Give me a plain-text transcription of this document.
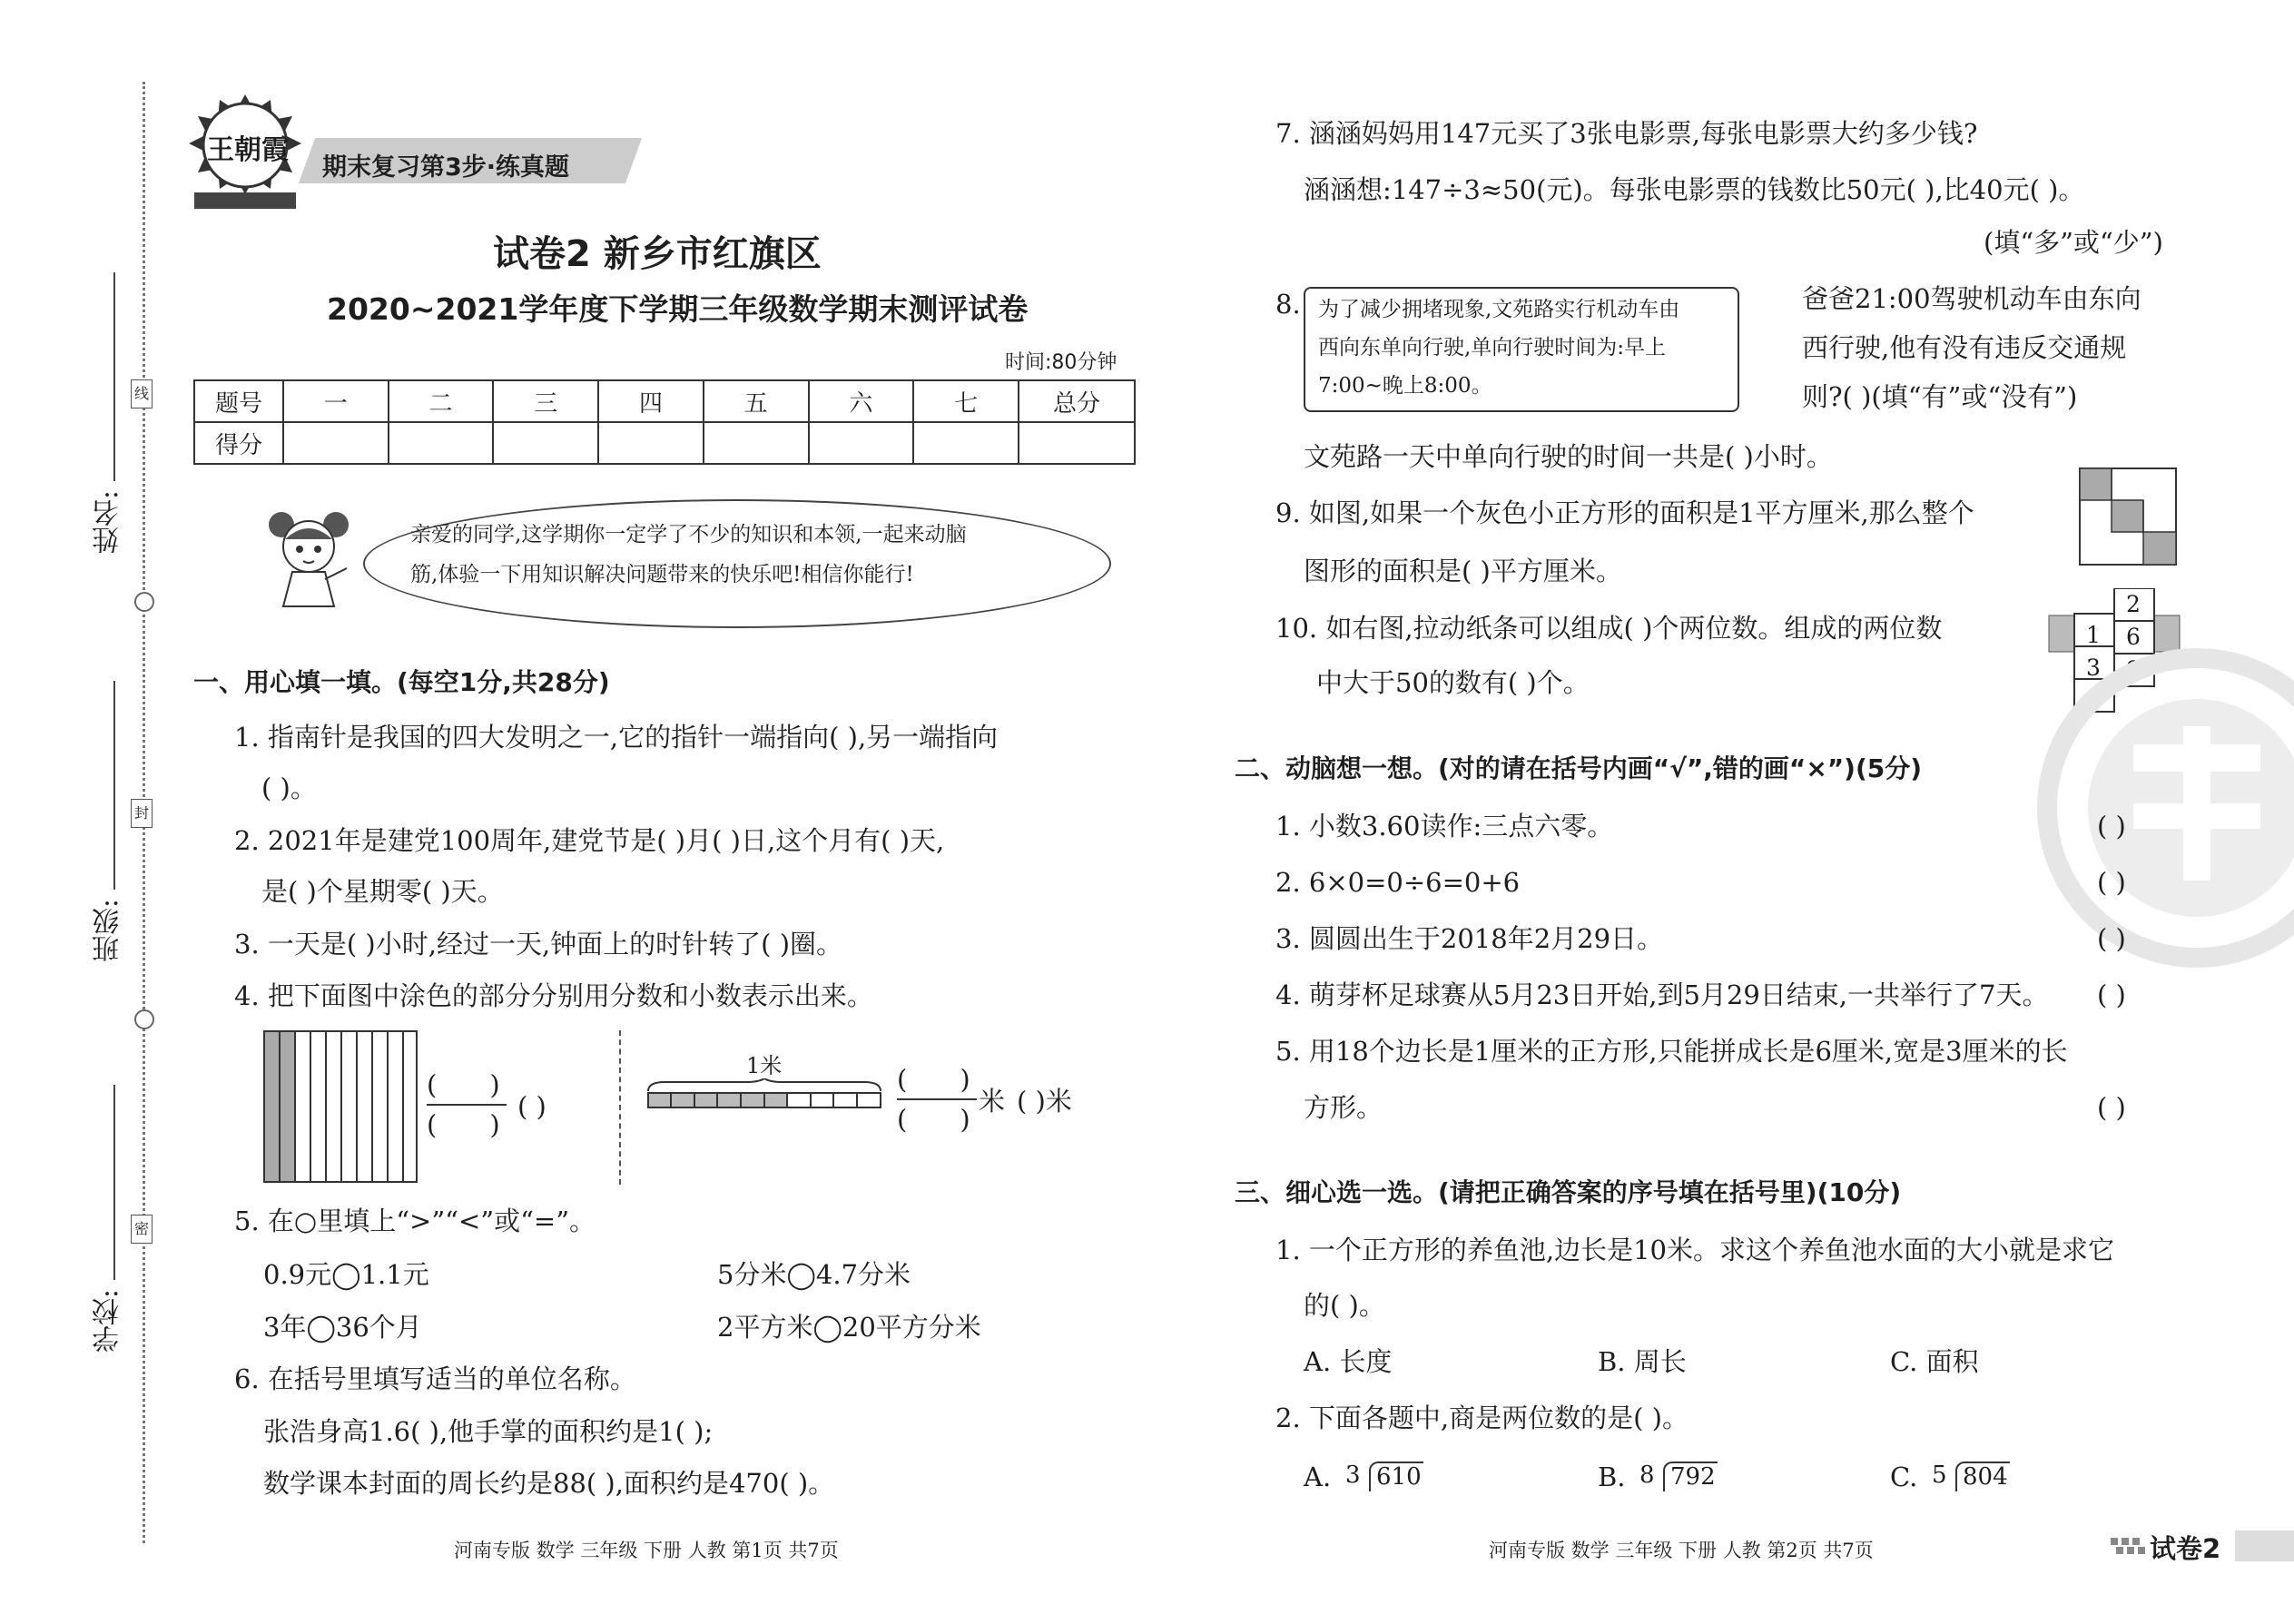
线
封
密
姓名:
班级:
学校:
王朝霞
期末复习第3步·练真题
试卷2 新乡市红旗区
2020~2021学年度下学期三年级数学期末测评试卷
时间:80分钟
题号	一	二	三	四	五	六	七	总分
得分								
亲爱的同学,这学期你一定学了不少的知识和本领,一起来动脑
筋,体验一下用知识解决问题带来的快乐吧!相信你能行!
一、用心填一填。(每空1分,共28分)
1. 指南针是我国的四大发明之一,它的指针一端指向( ),另一端指向
( )。
2. 2021年是建党100周年,建党节是( )月( )日,这个月有( )天,
是( )个星期零( )天。
3. 一天是( )小时,经过一天,钟面上的时针转了( )圈。
4. 把下面图中涂色的部分分别用分数和小数表示出来。
(  )
(  )
( )
1米	(  )
(  )
米 ( )米
5. 在○里填上“>”“<”或“=”。
0.9元◯1.1元	5分米◯4.7分米
3年◯36个月	2平方米◯20平方分米
6. 在括号里填写适当的单位名称。
张浩身高1.6( ),他手掌的面积约是1( );
数学课本封面的周长约是88( ),面积约是470( )。
河南专版 数学 三年级 下册 人教 第1页 共7页
7. 涵涵妈妈用147元买了3张电影票,每张电影票大约多少钱?
涵涵想:147÷3≈50(元)。每张电影票的钱数比50元( ),比40元( )。
(填“多”或“少”)
8. 为了减少拥堵现象,文苑路实行机动车由
西向东单向行驶,单向行驶时间为:早上
7:00~晚上8:00。
爸爸21:00驾驶机动车由东向
西行驶,他有没有违反交通规
则?( )(填“有”或“没有”)
文苑路一天中单向行驶的时间一共是( )小时。
9. 如图,如果一个灰色小正方形的面积是1平方厘米,那么整个
图形的面积是( )平方厘米。
1
3
5
2
6
9
10. 如右图,拉动纸条可以组成( )个两位数。组成的两位数
中大于50的数有( )个。
二、动脑想一想。(对的请在括号内画“√”,错的画“×”)(5分)
1. 小数3.60读作:三点六零。	( )
2. 6×0=0÷6=0+6	( )
3. 圆圆出生于2018年2月29日。	( )
4. 萌芽杯足球赛从5月23日开始,到5月29日结束,一共举行了7天。 ( )
5. 用18个边长是1厘米的正方形,只能拼成长是6厘米,宽是3厘米的长
方形。	( )
三、细心选一选。(请把正确答案的序号填在括号里)(10分)
1. 一个正方形的养鱼池,边长是10米。求这个养鱼池水面的大小就是求它
的( )。
A. 长度	B. 周长	C. 面积
2. 下面各题中,商是两位数的是( )。
A. 3 610	B. 8 792	C. 5 804
河南专版 数学 三年级 下册 人教 第2页 共7页	试卷2
